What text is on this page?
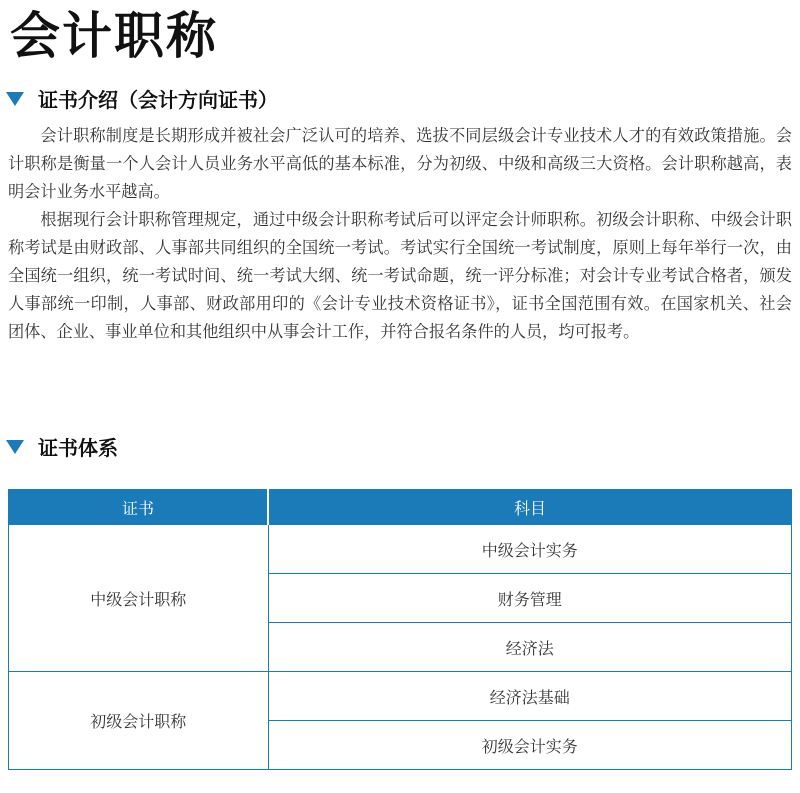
会计职称
证书介绍（会计方向证书）

会计职称制度是长期形成并被社会广泛认可的培养、选拔不同层级会计专业技术人才的有效政策措施。会计职称是衡量一个人会计人员业务水平高低的基本标准，分为初级、中级和高级三大资格。会计职称越高，表明会计业务水平越高。

根据现行会计职称管理规定，通过中级会计职称考试后可以评定会计师职称。初级会计职称、中级会计职称考试是由财政部、人事部共同组织的全国统一考试。考试实行全国统一考试制度，原则上每年举行一次，由全国统一组织，统一考试时间、统一考试大纲、统一考试命题，统一评分标准；对会计专业考试合格者，颁发人事部统一印制，人事部、财政部用印的《会计专业技术资格证书》，证书全国范围有效。在国家机关、社会团体、企业、事业单位和其他组织中从事会计工作，并符合报名条件的人员，均可报考。

证书体系
证书	科目
中级会计职称	中级会计实务
	财务管理
	经济法
初级会计职称	经济法基础
	初级会计实务
